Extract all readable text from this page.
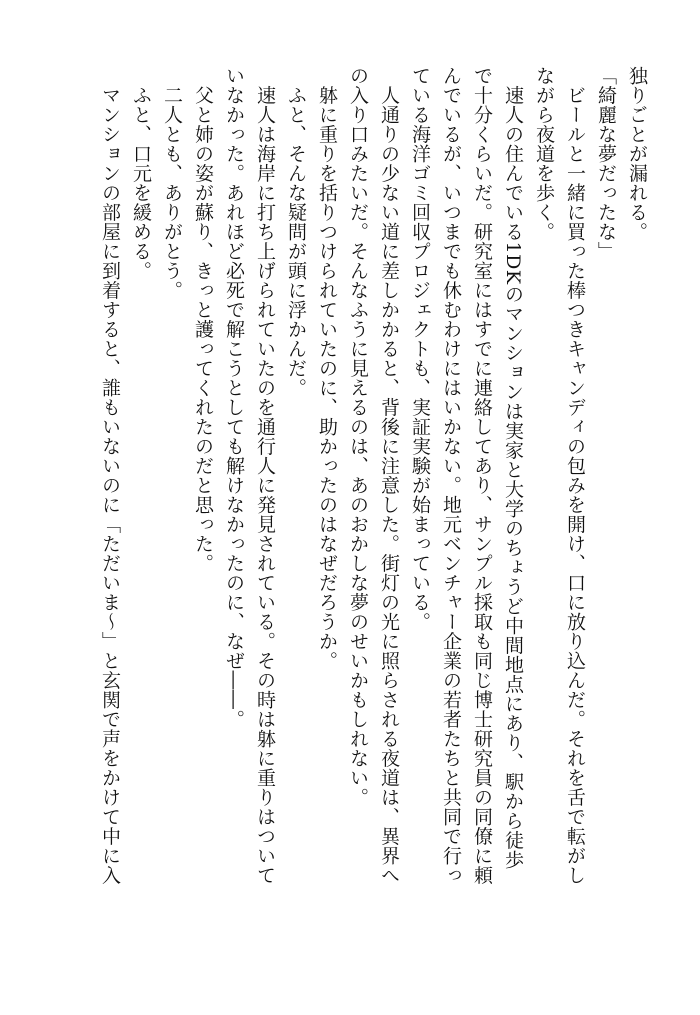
独りごとが漏れる。

「綺麗な夢だったな」

　ビールと一緒に買った棒つきキャンディの包みを開け、口に放り込んだ。それを舌で転がし

ながら夜道を歩く。

　速人の住んでいる1DKのマンションは実家と大学のちょうど中間地点にあり、駅から徒歩

で十分くらいだ。研究室にはすでに連絡してあり、サンプル採取も同じ博士研究員の同僚に頼

んでいるが、いつまでも休むわけにはいかない。地元ベンチャー企業の若者たちと共同で行っ

ている海洋ゴミ回収プロジェクトも、実証実験が始まっている。

　人通りの少ない道に差しかかると、背後に注意した。街灯の光に照らされる夜道は、異界へ

の入り口みたいだ。そんなふうに見えるのは、あのおかしな夢のせいかもしれない。

　躰に重りを括りつけられていたのに、助かったのはなぜだろうか。

　ふと、そんな疑問が頭に浮かんだ。

　速人は海岸に打ち上げられていたのを通行人に発見されている。その時は躰に重りはついて

いなかった。あれほど必死で解こうとしても解けなかったのに、なぜ――。

　父と姉の姿が蘇り、きっと護ってくれたのだと思った。

　二人とも、ありがとう。

　ふと、口元を緩める。

　マンションの部屋に到着すると、誰もいないのに「ただいま～」と玄関で声をかけて中に入
